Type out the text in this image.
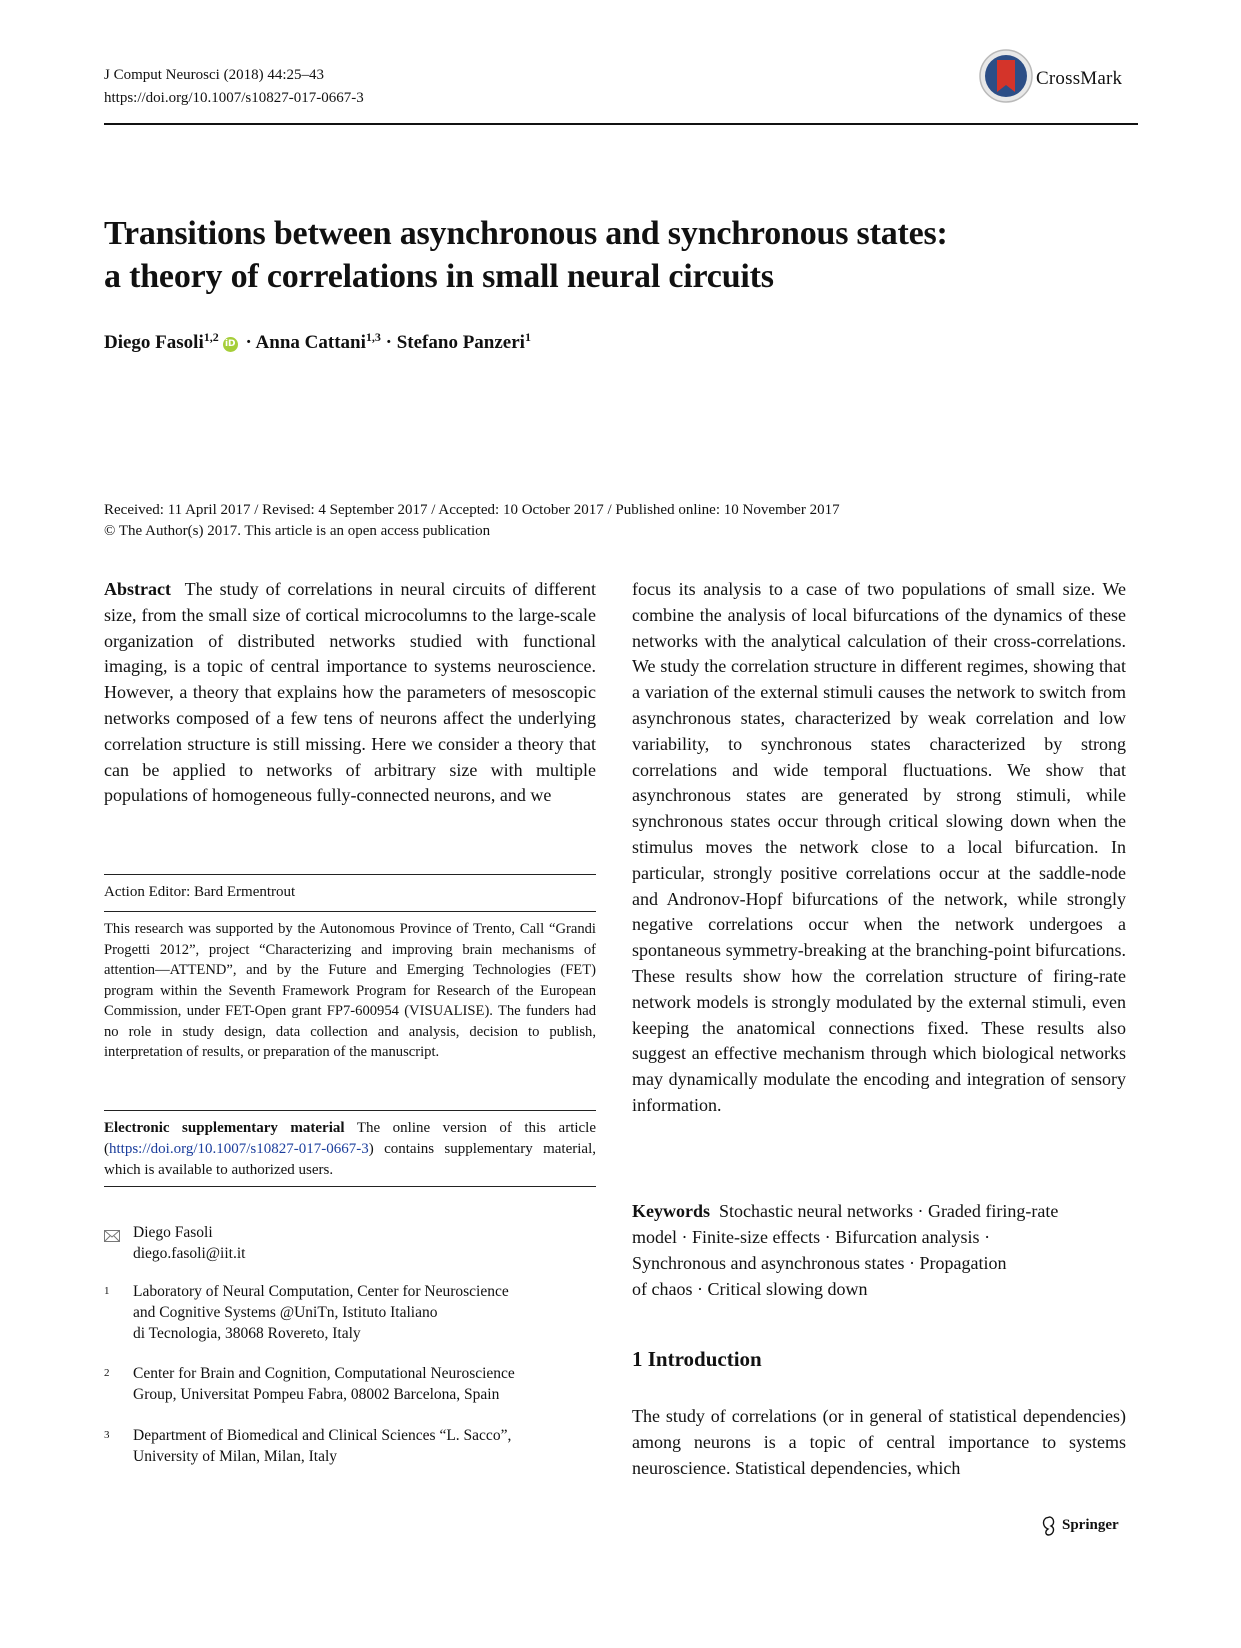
J Comput Neurosci (2018) 44:25–43
https://doi.org/10.1007/s10827-017-0667-3
CrossMark
Transitions between asynchronous and synchronous states:
a theory of correlations in small neural circuits
Diego Fasoli$^{1,2}$ iD · Anna Cattani$^{1,3}$ · Stefano Panzeri$^1$
Received: 11 April 2017 / Revised: 4 September 2017 / Accepted: 10 October 2017 / Published online: 10 November 2017
© The Author(s) 2017. This article is an open access publication

Abstract The study of correlations in neural circuits of different size, from the small size of cortical microcolumns to the large-scale organization of distributed networks studied with functional imaging, is a topic of central importance to systems neuroscience. However, a theory that explains how the parameters of mesoscopic networks composed of a few tens of neurons affect the underlying correlation structure is still missing. Here we consider a theory that can be applied to networks of arbitrary size with multiple populations of homogeneous fully-connected neurons, and we

Action Editor: Bard Ermentrout
This research was supported by the Autonomous Province of Trento, Call “Grandi Progetti 2012”, project “Characterizing and improving brain mechanisms of attention—ATTEND”, and by the Future and Emerging Technologies (FET) program within the Seventh Framework Program for Research of the European Commission, under FET-Open grant FP7-600954 (VISUALISE). The funders had no role in study design, data collection and analysis, decision to publish, interpretation of results, or preparation of the manuscript.
Electronic supplementary material The online version of this article (https://doi.org/10.1007/s10827-017-0667-3) contains supplementary material, which is available to authorized users.
Diego Fasoli
diego.fasoli@iit.it
1 Laboratory of Neural Computation, Center for Neuroscience
and Cognitive Systems @UniTn, Istituto Italiano
di Tecnologia, 38068 Rovereto, Italy
2 Center for Brain and Cognition, Computational Neuroscience
Group, Universitat Pompeu Fabra, 08002 Barcelona, Spain
3 Department of Biomedical and Clinical Sciences “L. Sacco”,
University of Milan, Milan, Italy

focus its analysis to a case of two populations of small size. We combine the analysis of local bifurcations of the dynamics of these networks with the analytical calculation of their cross-correlations. We study the correlation structure in different regimes, showing that a variation of the external stimuli causes the network to switch from asynchronous states, characterized by weak correlation and low variability, to synchronous states characterized by strong correlations and wide temporal fluctuations. We show that asynchronous states are generated by strong stimuli, while synchronous states occur through critical slowing down when the stimulus moves the network close to a local bifurcation. In particular, strongly positive correlations occur at the saddle-node and Andronov-Hopf bifurcations of the network, while strongly negative correlations occur when the network undergoes a spontaneous symmetry-breaking at the branching-point bifurcations. These results show how the correlation structure of firing-rate network models is strongly modulated by the external stimuli, even keeping the anatomical connections fixed. These results also suggest an effective mechanism through which biological networks may dynamically modulate the encoding and integration of sensory information.

Keywords Stochastic neural networks · Graded firing-rate
model · Finite-size effects · Bifurcation analysis ·
Synchronous and asynchronous states · Propagation
of chaos · Critical slowing down
1 Introduction
The study of correlations (or in general of statistical dependencies) among neurons is a topic of central importance to systems neuroscience. Statistical dependencies, which
Springer
